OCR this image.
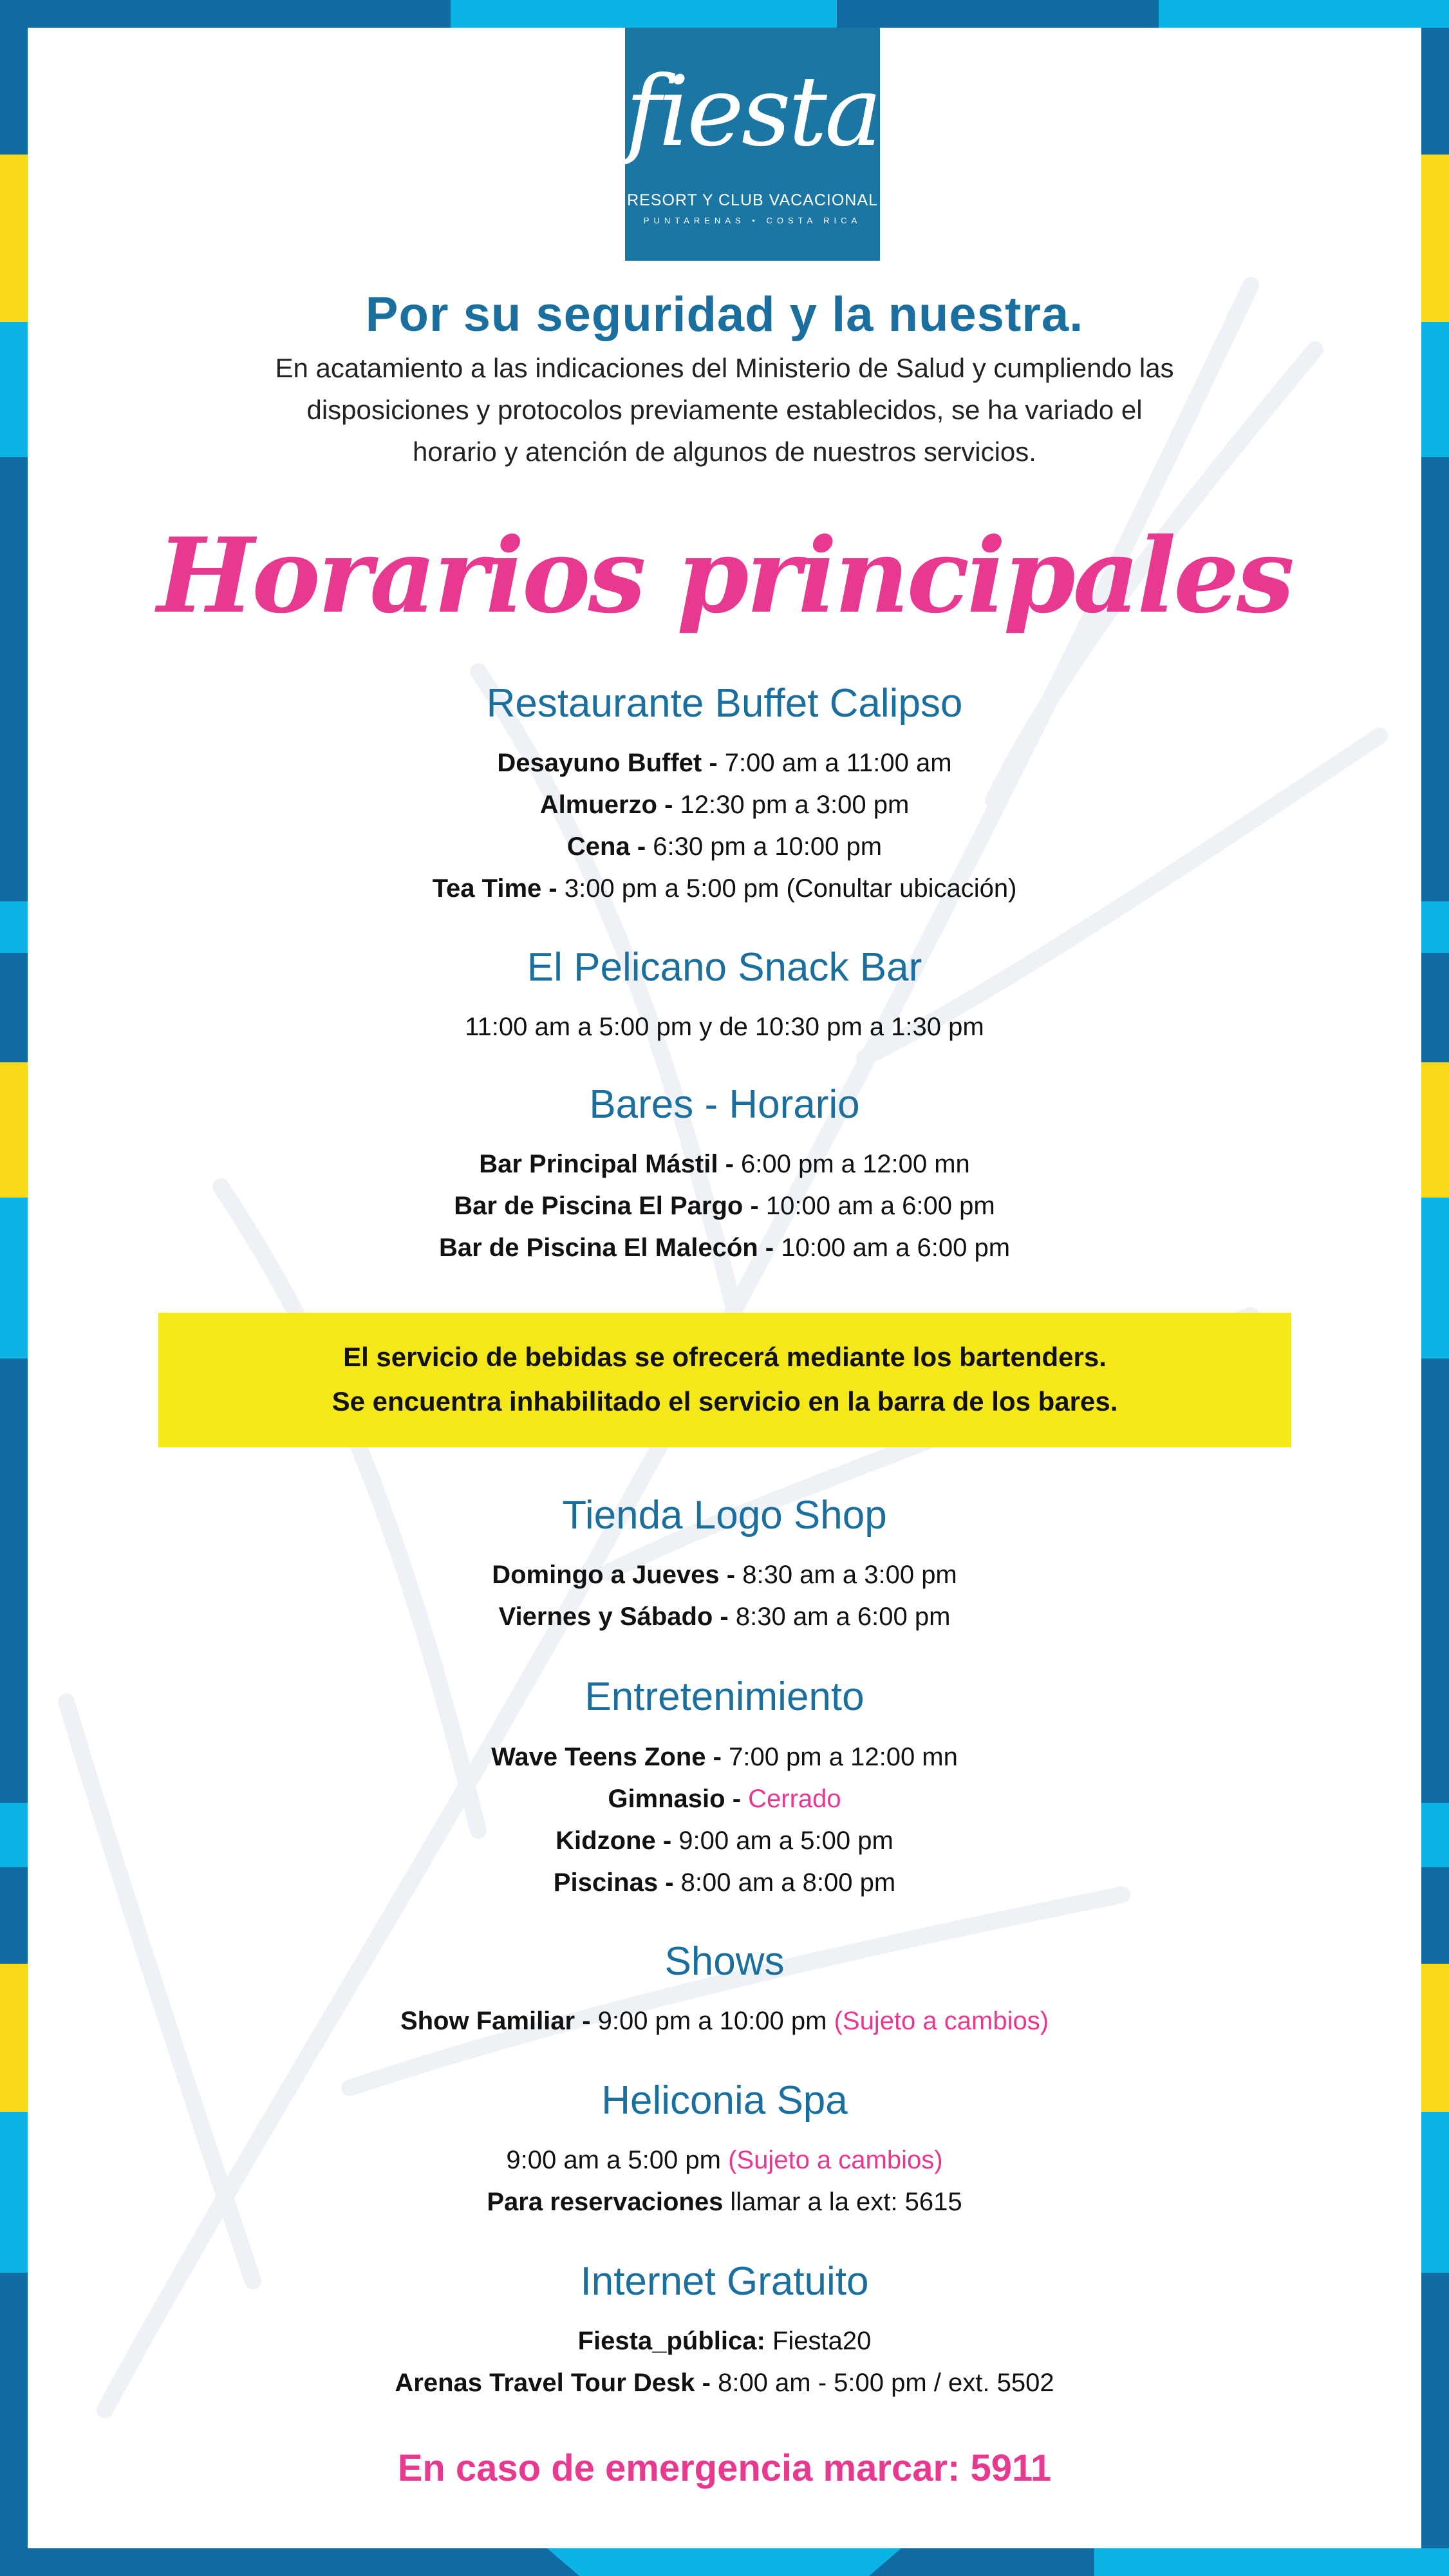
fiesta
RESORT Y CLUB VACACIONAL
PUNTARENAS • COSTA RICA
Por su seguridad y la nuestra.
En acatamiento a las indicaciones del Ministerio de Salud y cumpliendo las
disposiciones y protocolos previamente establecidos, se ha variado el
horario y atención de algunos de nuestros servicios.
Horarios principales
Restaurante Buffet Calipso
Desayuno Buffet - 7:00 am a 11:00 am
Almuerzo - 12:30 pm a 3:00 pm
Cena - 6:30 pm a 10:00 pm
Tea Time - 3:00 pm a 5:00 pm (Conultar ubicación)
El Pelicano Snack Bar
11:00 am a 5:00 pm y de 10:30 pm a 1:30 pm
Bares - Horario
Bar Principal Mástil - 6:00 pm a 12:00 mn
Bar de Piscina El Pargo - 10:00 am a 6:00 pm
Bar de Piscina El Malecón - 10:00 am a 6:00 pm
El servicio de bebidas se ofrecerá mediante los bartenders.
Se encuentra inhabilitado el servicio en la barra de los bares.
Tienda Logo Shop
Domingo a Jueves - 8:30 am a 3:00 pm
Viernes y Sábado - 8:30 am a 6:00 pm
Entretenimiento
Wave Teens Zone - 7:00 pm a 12:00 mn
Gimnasio - Cerrado
Kidzone - 9:00 am a 5:00 pm
Piscinas - 8:00 am a 8:00 pm
Shows
Show Familiar - 9:00 pm a 10:00 pm (Sujeto a cambios)
Heliconia Spa
9:00 am a 5:00 pm (Sujeto a cambios)
Para reservaciones llamar a la ext: 5615
Internet Gratuito
Fiesta_pública: Fiesta20
Arenas Travel Tour Desk - 8:00 am - 5:00 pm / ext. 5502
En caso de emergencia marcar: 5911
